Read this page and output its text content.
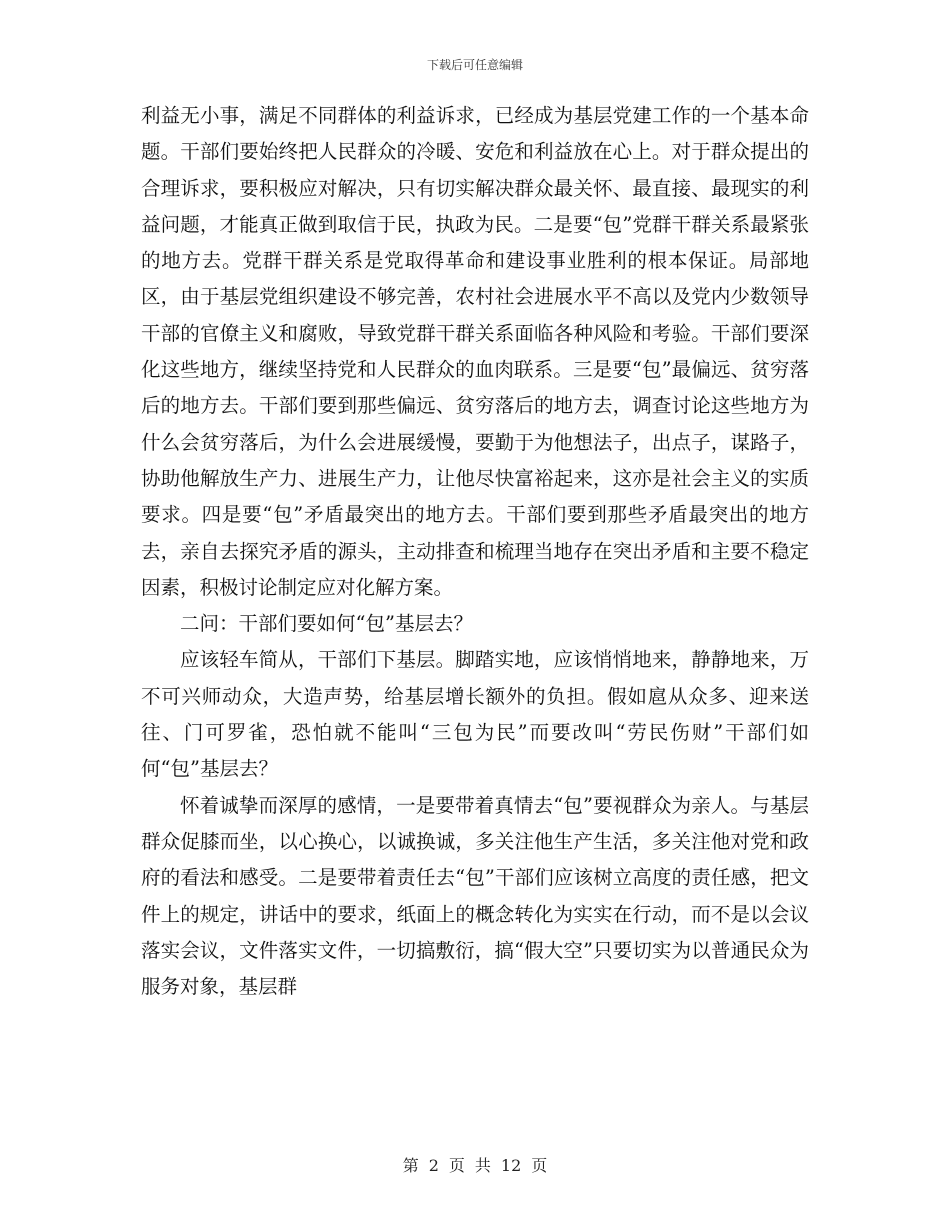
下载后可任意编辑

利益无小事，满足不同群体的利益诉求，已经成为基层党建工作的一个基本命题。干部们要始终把人民群众的冷暖、安危和利益放在心上。对于群众提出的合理诉求，要积极应对解决，只有切实解决群众最关怀、最直接、最现实的利益问题，才能真正做到取信于民，执政为民。二是要“包”党群干群关系最紧张的地方去。党群干群关系是党取得革命和建设事业胜利的根本保证。局部地区，由于基层党组织建设不够完善，农村社会进展水平不高以及党内少数领导干部的官僚主义和腐败，导致党群干群关系面临各种风险和考验。干部们要深化这些地方，继续坚持党和人民群众的血肉联系。三是要“包”最偏远、贫穷落后的地方去。干部们要到那些偏远、贫穷落后的地方去，调查讨论这些地方为什么会贫穷落后，为什么会进展缓慢，要勤于为他想法子，出点子，谋路子，协助他解放生产力、进展生产力，让他尽快富裕起来，这亦是社会主义的实质要求。四是要“包”矛盾最突出的地方去。干部们要到那些矛盾最突出的地方去，亲自去探究矛盾的源头，主动排查和梳理当地存在突出矛盾和主要不稳定因素，积极讨论制定应对化解方案。

二问：干部们要如何“包”基层去？

应该轻车简从，干部们下基层。脚踏实地，应该悄悄地来，静静地来，万不可兴师动众，大造声势，给基层增长额外的负担。假如扈从众多、迎来送往、门可罗雀，恐怕就不能叫“三包为民”而要改叫“劳民伤财”干部们如何“包”基层去？

怀着诚挚而深厚的感情，一是要带着真情去“包”要视群众为亲人。与基层群众促膝而坐，以心换心，以诚换诚，多关注他生产生活，多关注他对党和政府的看法和感受。二是要带着责任去“包”干部们应该树立高度的责任感，把文件上的规定，讲话中的要求，纸面上的概念转化为实实在行动，而不是以会议落实会议，文件落实文件，一切搞敷衍，搞“假大空”只要切实为以普通民众为服务对象，基层群

第 2 页 共 12 页
